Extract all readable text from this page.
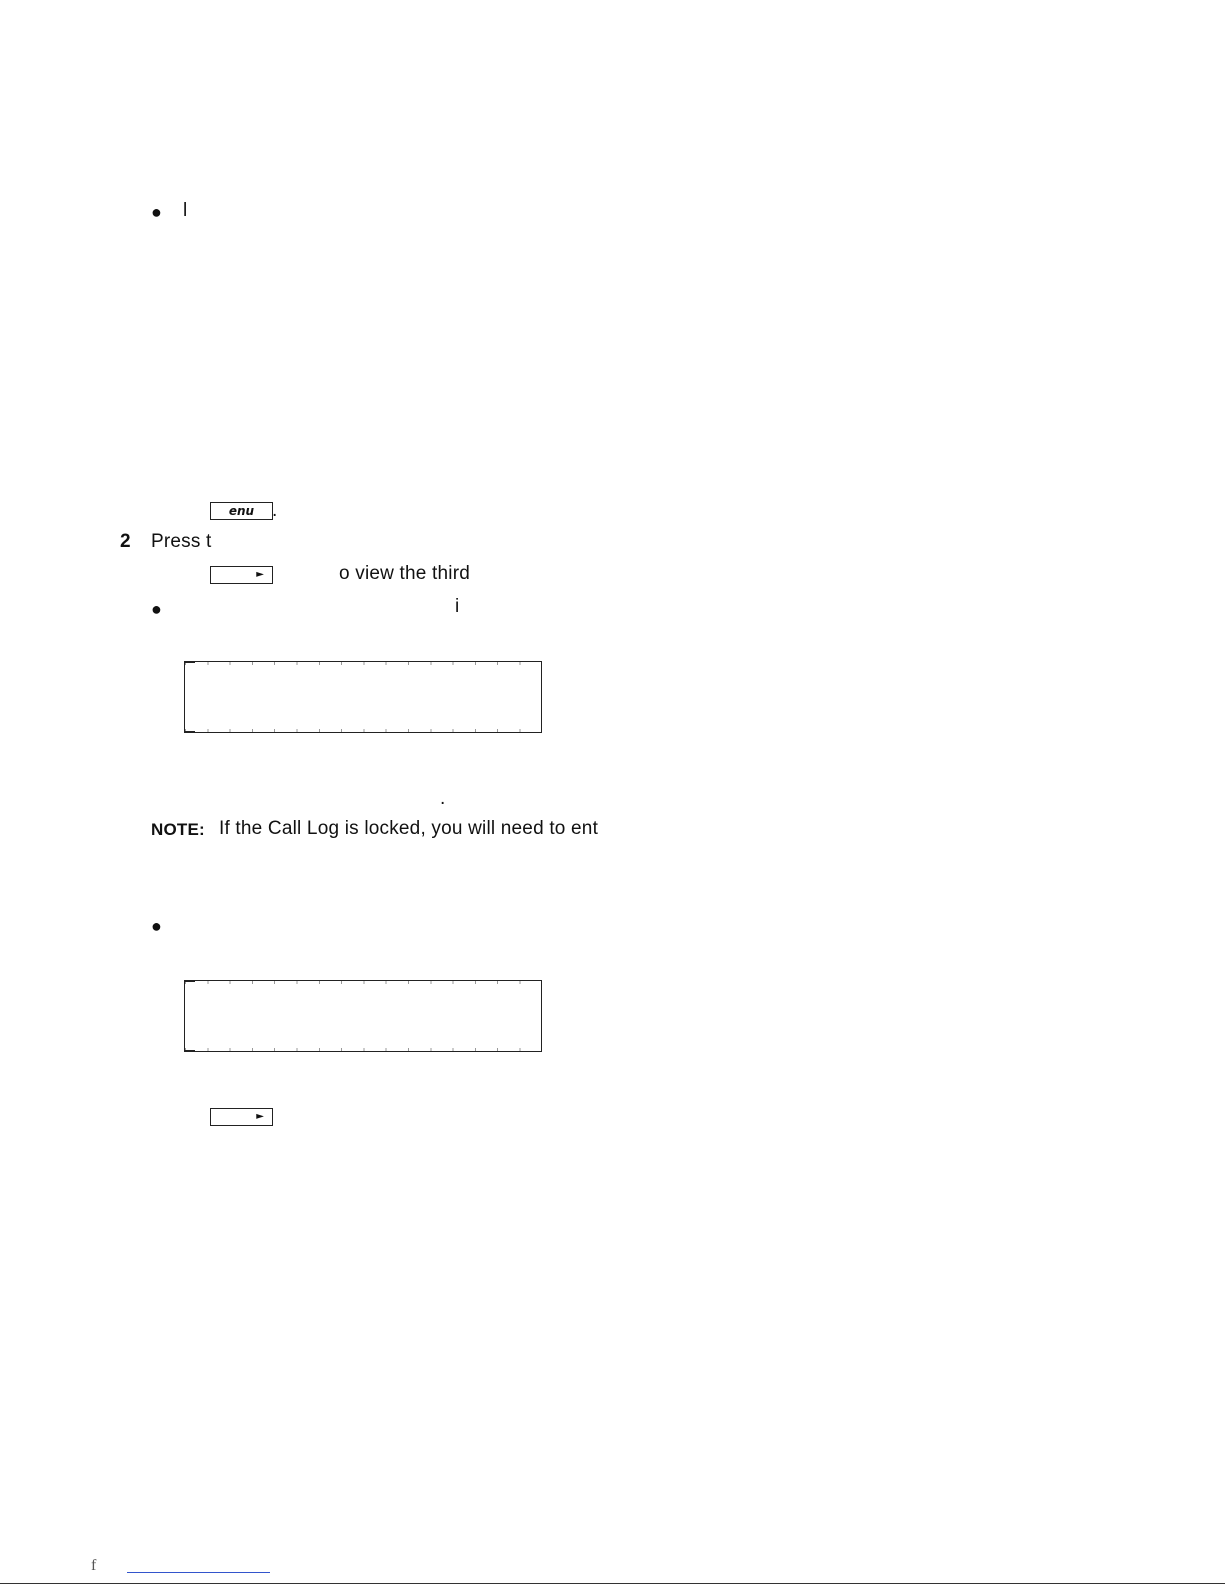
● l
enu .
2 Press t
►	o view the third
●	i
.
NOTE: If the Call Log is locked, you will need to ent
●
►
f
